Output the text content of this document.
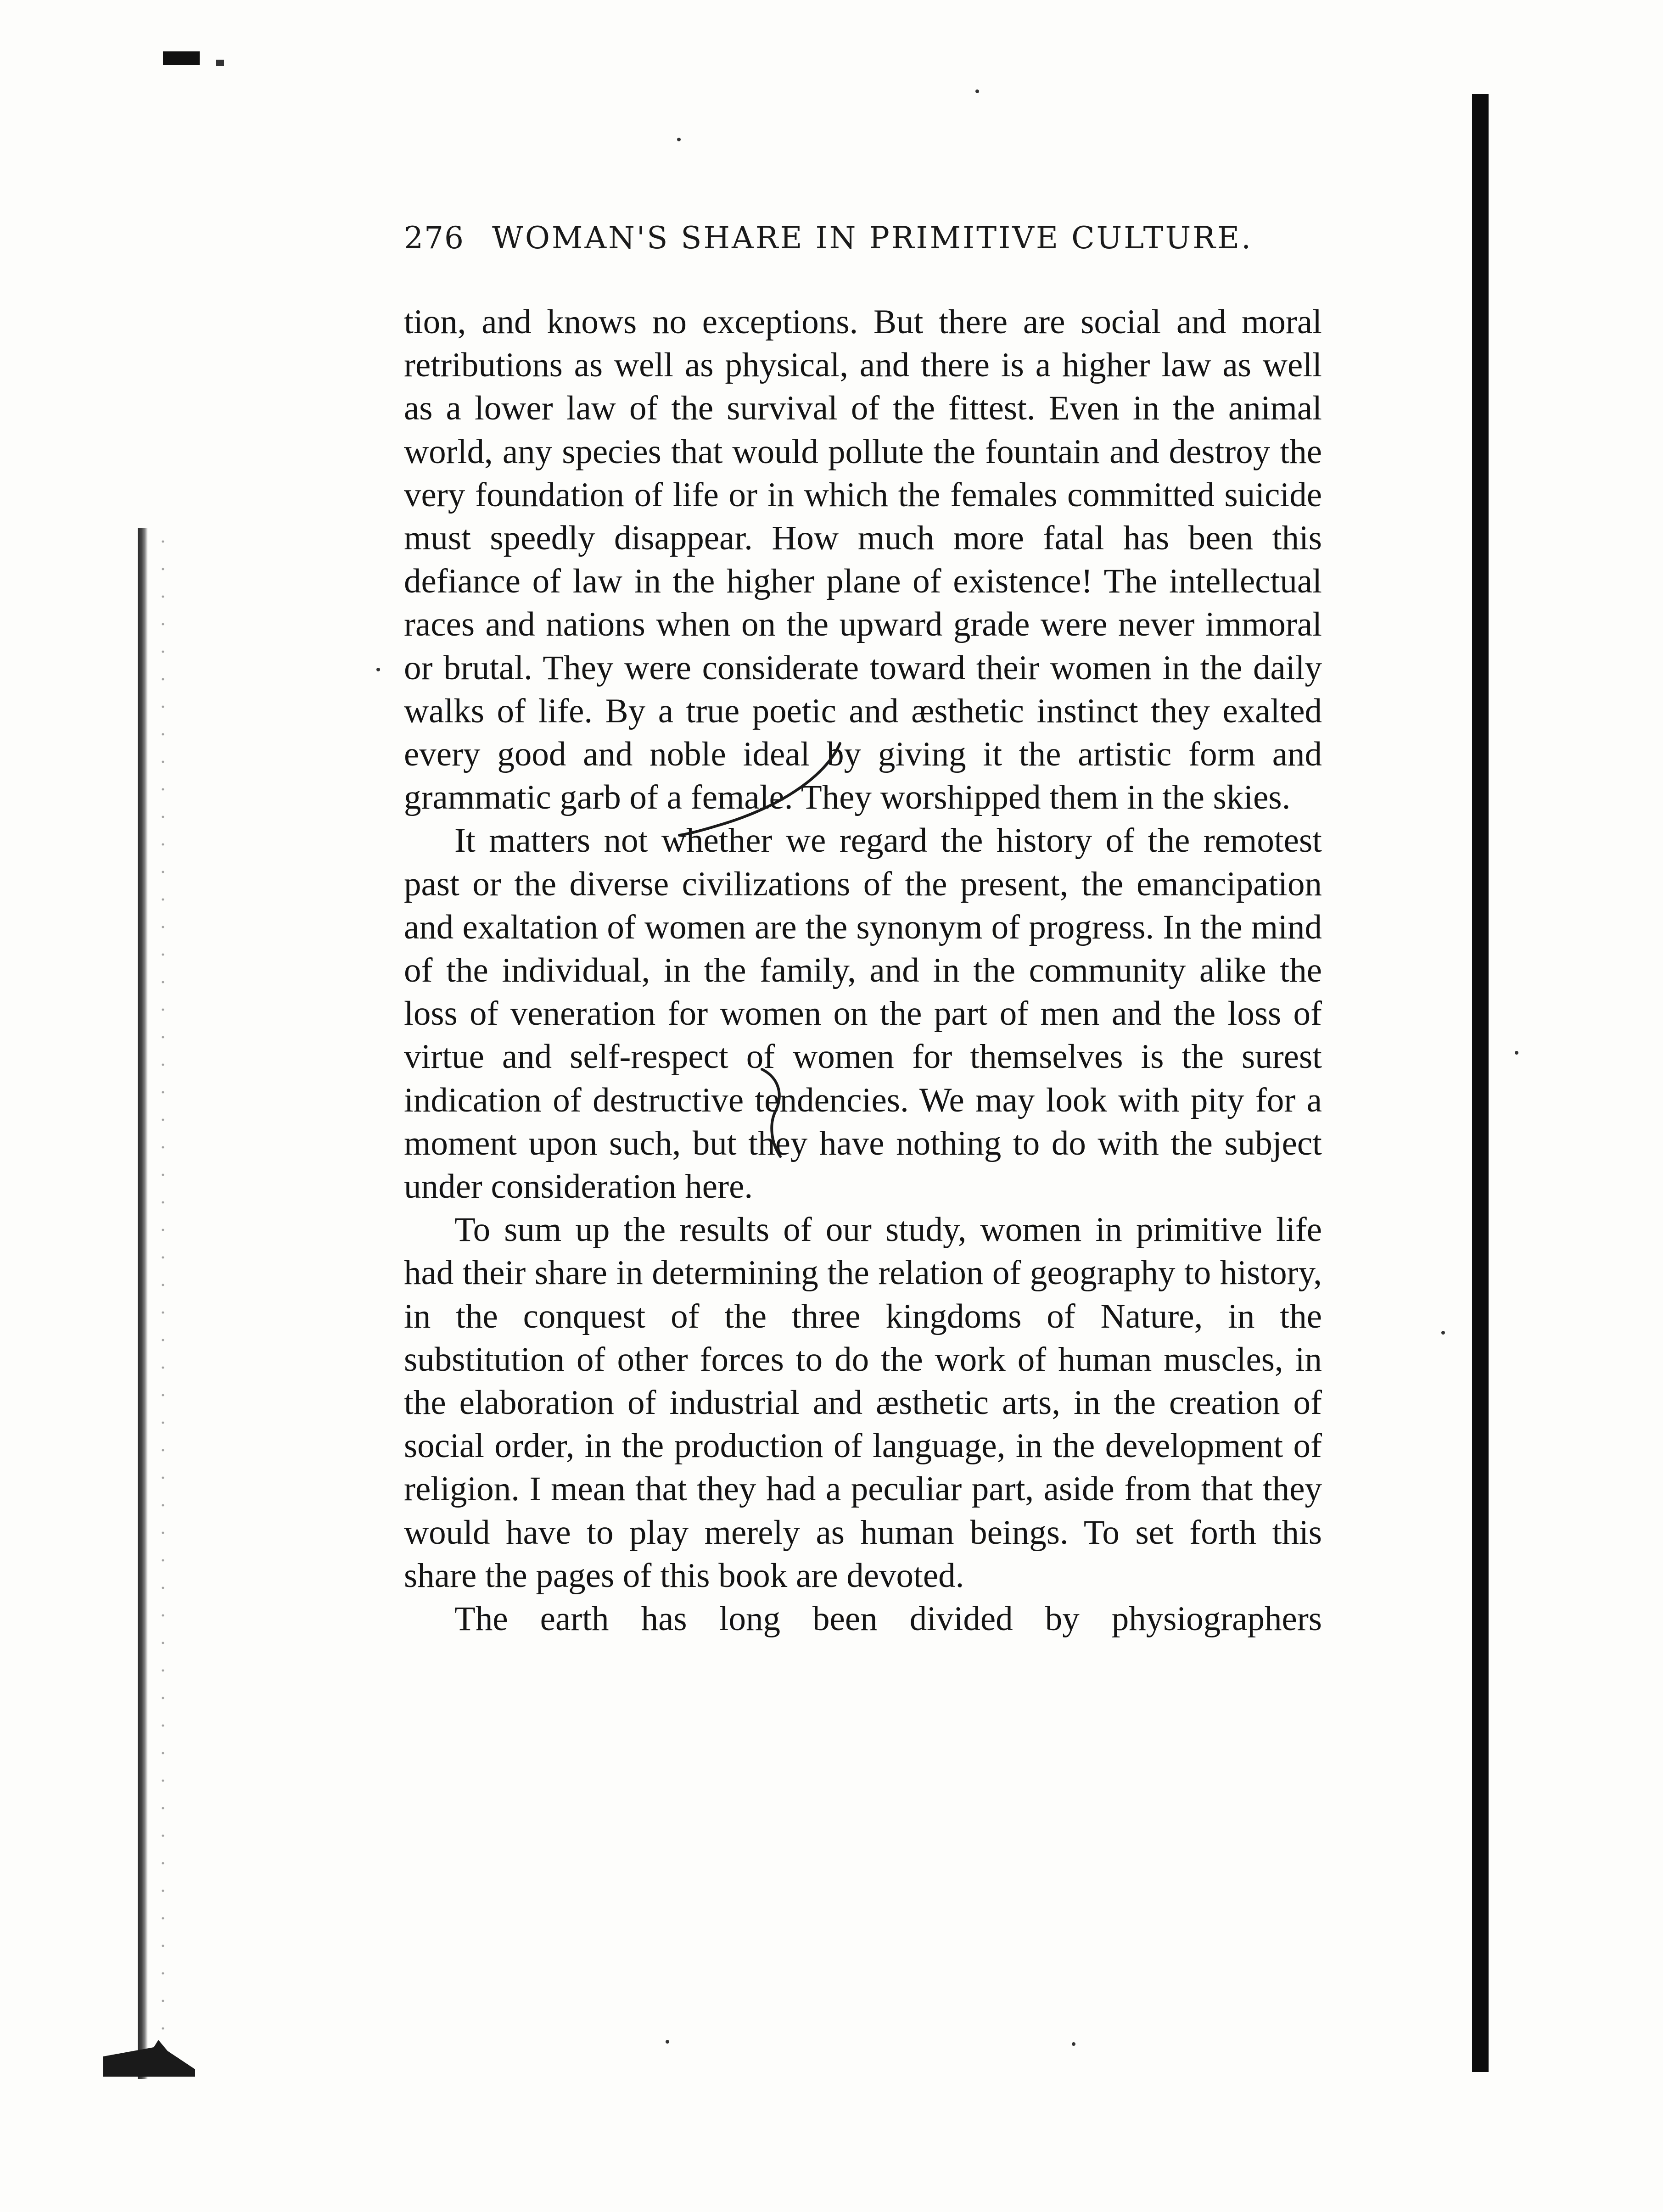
276 WOMAN'S SHARE IN PRIMITIVE CULTURE.

tion, and knows no exceptions. But there are social and moral retributions as well as physical, and there is a higher law as well as a lower law of the survival of the fittest. Even in the animal world, any species that would pollute the fountain and destroy the very foundation of life or in which the females committed suicide must speedly disappear. How much more fatal has been this defiance of law in the higher plane of existence! The intellectual races and nations when on the upward grade were never immoral or brutal. They were considerate toward their women in the daily walks of life. By a true poetic and æsthetic instinct they exalted every good and noble ideal by giving it the artistic form and grammatic garb of a female. They worshipped them in the skies.

It matters not whether we regard the history of the remotest past or the diverse civilizations of the present, the emancipation and exaltation of women are the synonym of progress. In the mind of the individual, in the family, and in the community alike the loss of veneration for women on the part of men and the loss of virtue and self-respect of women for themselves is the surest indication of destructive tendencies. We may look with pity for a moment upon such, but they have nothing to do with the subject under consideration here.

To sum up the results of our study, women in primitive life had their share in determining the relation of geography to history, in the conquest of the three kingdoms of Nature, in the substitution of other forces to do the work of human muscles, in the elaboration of industrial and æsthetic arts, in the creation of social order, in the production of language, in the development of religion. I mean that they had a peculiar part, aside from that they would have to play merely as human beings. To set forth this share the pages of this book are devoted.

The earth has long been divided by physiographers
